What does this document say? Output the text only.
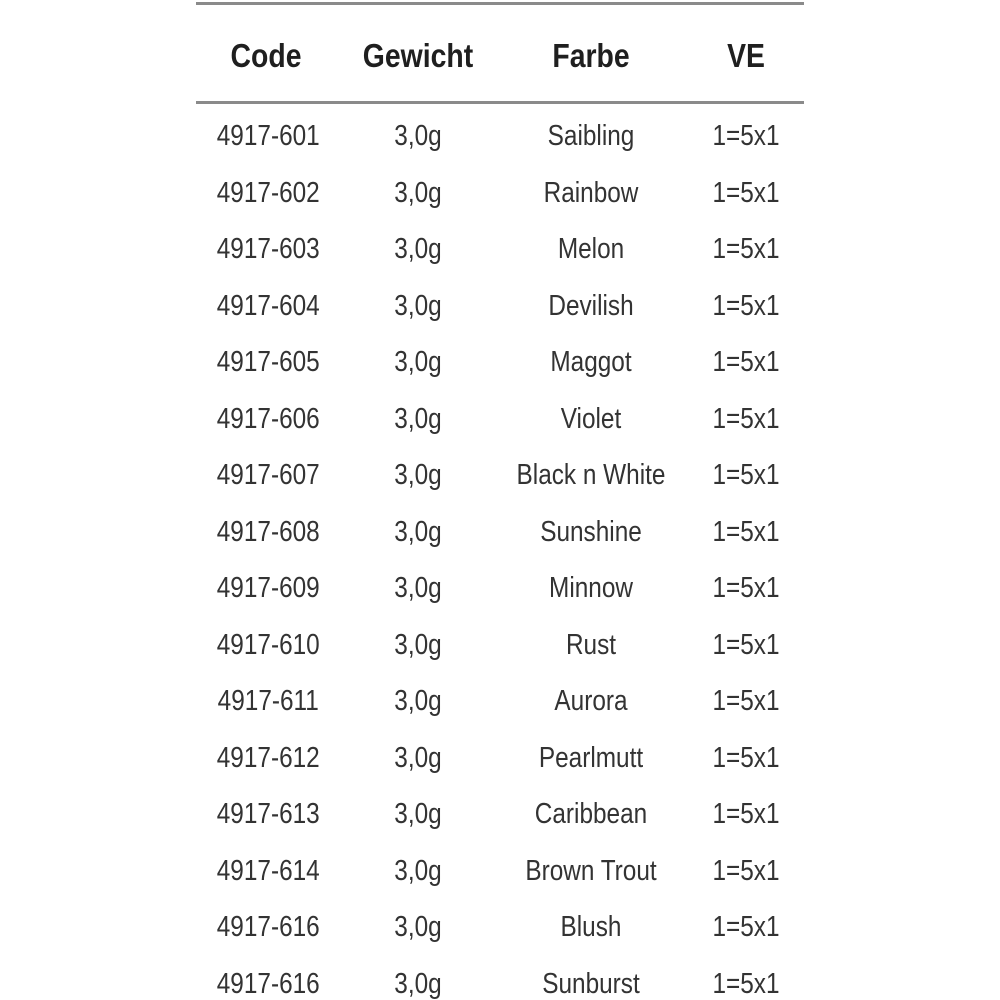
Code	Gewicht	Farbe	VE
4917-601	3,0g	Saibling	1=5x1
4917-602	3,0g	Rainbow	1=5x1
4917-603	3,0g	Melon	1=5x1
4917-604	3,0g	Devilish	1=5x1
4917-605	3,0g	Maggot	1=5x1
4917-606	3,0g	Violet	1=5x1
4917-607	3,0g	Black n White	1=5x1
4917-608	3,0g	Sunshine	1=5x1
4917-609	3,0g	Minnow	1=5x1
4917-610	3,0g	Rust	1=5x1
4917-611	3,0g	Aurora	1=5x1
4917-612	3,0g	Pearlmutt	1=5x1
4917-613	3,0g	Caribbean	1=5x1
4917-614	3,0g	Brown Trout	1=5x1
4917-616	3,0g	Blush	1=5x1
4917-616	3,0g	Sunburst	1=5x1
